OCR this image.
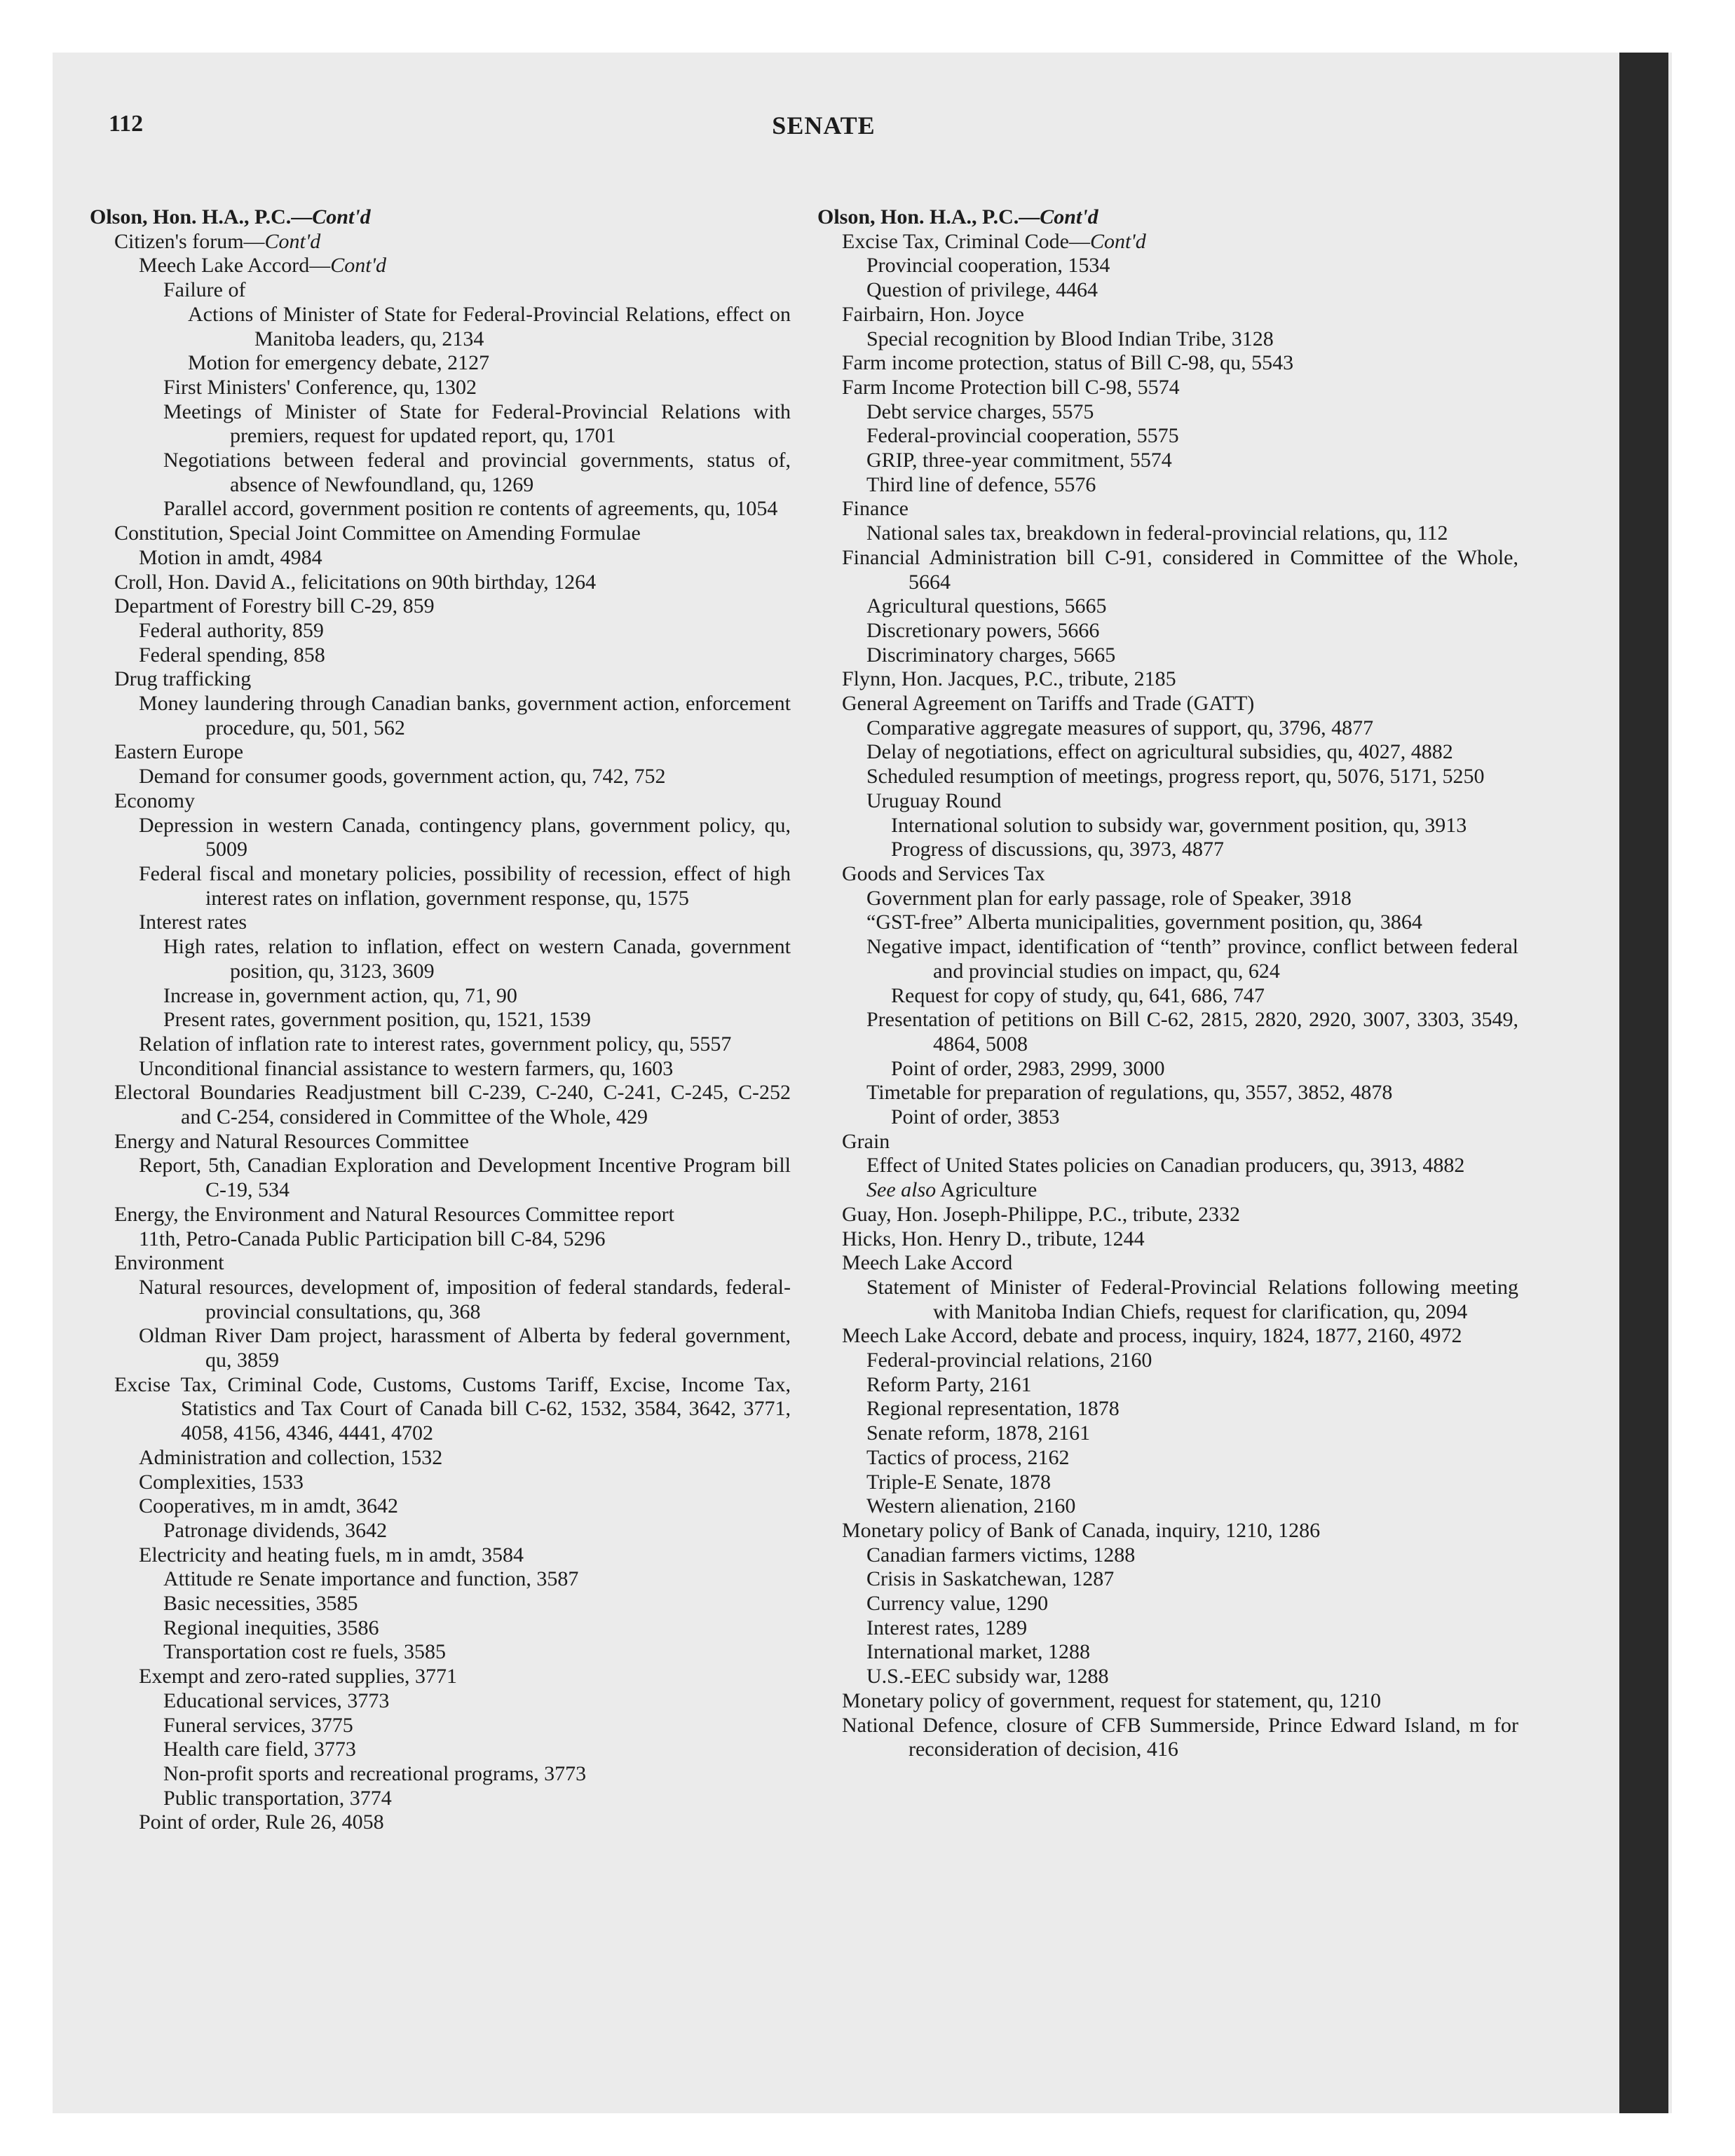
112	SENATE
Olson, Hon. H.A., P.C.—Cont'd
Citizen's forum—Cont'd
Meech Lake Accord—Cont'd
Failure of
Actions of Minister of State for Federal-Provincial Relations, effect on Manitoba leaders, qu, 2134
Motion for emergency debate, 2127
First Ministers' Conference, qu, 1302
Meetings of Minister of State for Federal-Provincial Relations with premiers, request for updated report, qu, 1701
Negotiations between federal and provincial governments, status of, absence of Newfoundland, qu, 1269
Parallel accord, government position re contents of agreements, qu, 1054
Constitution, Special Joint Committee on Amending Formulae
Motion in amdt, 4984
Croll, Hon. David A., felicitations on 90th birthday, 1264
Department of Forestry bill C-29, 859
Federal authority, 859
Federal spending, 858
Drug trafficking
Money laundering through Canadian banks, government action, enforcement procedure, qu, 501, 562
Eastern Europe
Demand for consumer goods, government action, qu, 742, 752
Economy
Depression in western Canada, contingency plans, government policy, qu, 5009
Federal fiscal and monetary policies, possibility of recession, effect of high interest rates on inflation, government response, qu, 1575
Interest rates
High rates, relation to inflation, effect on western Canada, government position, qu, 3123, 3609
Increase in, government action, qu, 71, 90
Present rates, government position, qu, 1521, 1539
Relation of inflation rate to interest rates, government policy, qu, 5557
Unconditional financial assistance to western farmers, qu, 1603
Electoral Boundaries Readjustment bill C-239, C-240, C-241, C-245, C-252 and C-254, considered in Committee of the Whole, 429
Energy and Natural Resources Committee
Report, 5th, Canadian Exploration and Development Incentive Program bill C-19, 534
Energy, the Environment and Natural Resources Committee report
11th, Petro-Canada Public Participation bill C-84, 5296
Environment
Natural resources, development of, imposition of federal standards, federal-provincial consultations, qu, 368
Oldman River Dam project, harassment of Alberta by federal government, qu, 3859
Excise Tax, Criminal Code, Customs, Customs Tariff, Excise, Income Tax, Statistics and Tax Court of Canada bill C-62, 1532, 3584, 3642, 3771, 4058, 4156, 4346, 4441, 4702
Administration and collection, 1532
Complexities, 1533
Cooperatives, m in amdt, 3642
Patronage dividends, 3642
Electricity and heating fuels, m in amdt, 3584
Attitude re Senate importance and function, 3587
Basic necessities, 3585
Regional inequities, 3586
Transportation cost re fuels, 3585
Exempt and zero-rated supplies, 3771
Educational services, 3773
Funeral services, 3775
Health care field, 3773
Non-profit sports and recreational programs, 3773
Public transportation, 3774
Point of order, Rule 26, 4058
Olson, Hon. H.A., P.C.—Cont'd
Excise Tax, Criminal Code—Cont'd
Provincial cooperation, 1534
Question of privilege, 4464
Fairbairn, Hon. Joyce
Special recognition by Blood Indian Tribe, 3128
Farm income protection, status of Bill C-98, qu, 5543
Farm Income Protection bill C-98, 5574
Debt service charges, 5575
Federal-provincial cooperation, 5575
GRIP, three-year commitment, 5574
Third line of defence, 5576
Finance
National sales tax, breakdown in federal-provincial relations, qu, 112
Financial Administration bill C-91, considered in Committee of the Whole, 5664
Agricultural questions, 5665
Discretionary powers, 5666
Discriminatory charges, 5665
Flynn, Hon. Jacques, P.C., tribute, 2185
General Agreement on Tariffs and Trade (GATT)
Comparative aggregate measures of support, qu, 3796, 4877
Delay of negotiations, effect on agricultural subsidies, qu, 4027, 4882
Scheduled resumption of meetings, progress report, qu, 5076, 5171, 5250
Uruguay Round
International solution to subsidy war, government position, qu, 3913
Progress of discussions, qu, 3973, 4877
Goods and Services Tax
Government plan for early passage, role of Speaker, 3918
“GST-free” Alberta municipalities, government position, qu, 3864
Negative impact, identification of “tenth” province, conflict between federal and provincial studies on impact, qu, 624
Request for copy of study, qu, 641, 686, 747
Presentation of petitions on Bill C-62, 2815, 2820, 2920, 3007, 3303, 3549, 4864, 5008
Point of order, 2983, 2999, 3000
Timetable for preparation of regulations, qu, 3557, 3852, 4878
Point of order, 3853
Grain
Effect of United States policies on Canadian producers, qu, 3913, 4882
See also Agriculture
Guay, Hon. Joseph-Philippe, P.C., tribute, 2332
Hicks, Hon. Henry D., tribute, 1244
Meech Lake Accord
Statement of Minister of Federal-Provincial Relations following meeting with Manitoba Indian Chiefs, request for clarification, qu, 2094
Meech Lake Accord, debate and process, inquiry, 1824, 1877, 2160, 4972
Federal-provincial relations, 2160
Reform Party, 2161
Regional representation, 1878
Senate reform, 1878, 2161
Tactics of process, 2162
Triple-E Senate, 1878
Western alienation, 2160
Monetary policy of Bank of Canada, inquiry, 1210, 1286
Canadian farmers victims, 1288
Crisis in Saskatchewan, 1287
Currency value, 1290
Interest rates, 1289
International market, 1288
U.S.-EEC subsidy war, 1288
Monetary policy of government, request for statement, qu, 1210
National Defence, closure of CFB Summerside, Prince Edward Island, m for reconsideration of decision, 416
